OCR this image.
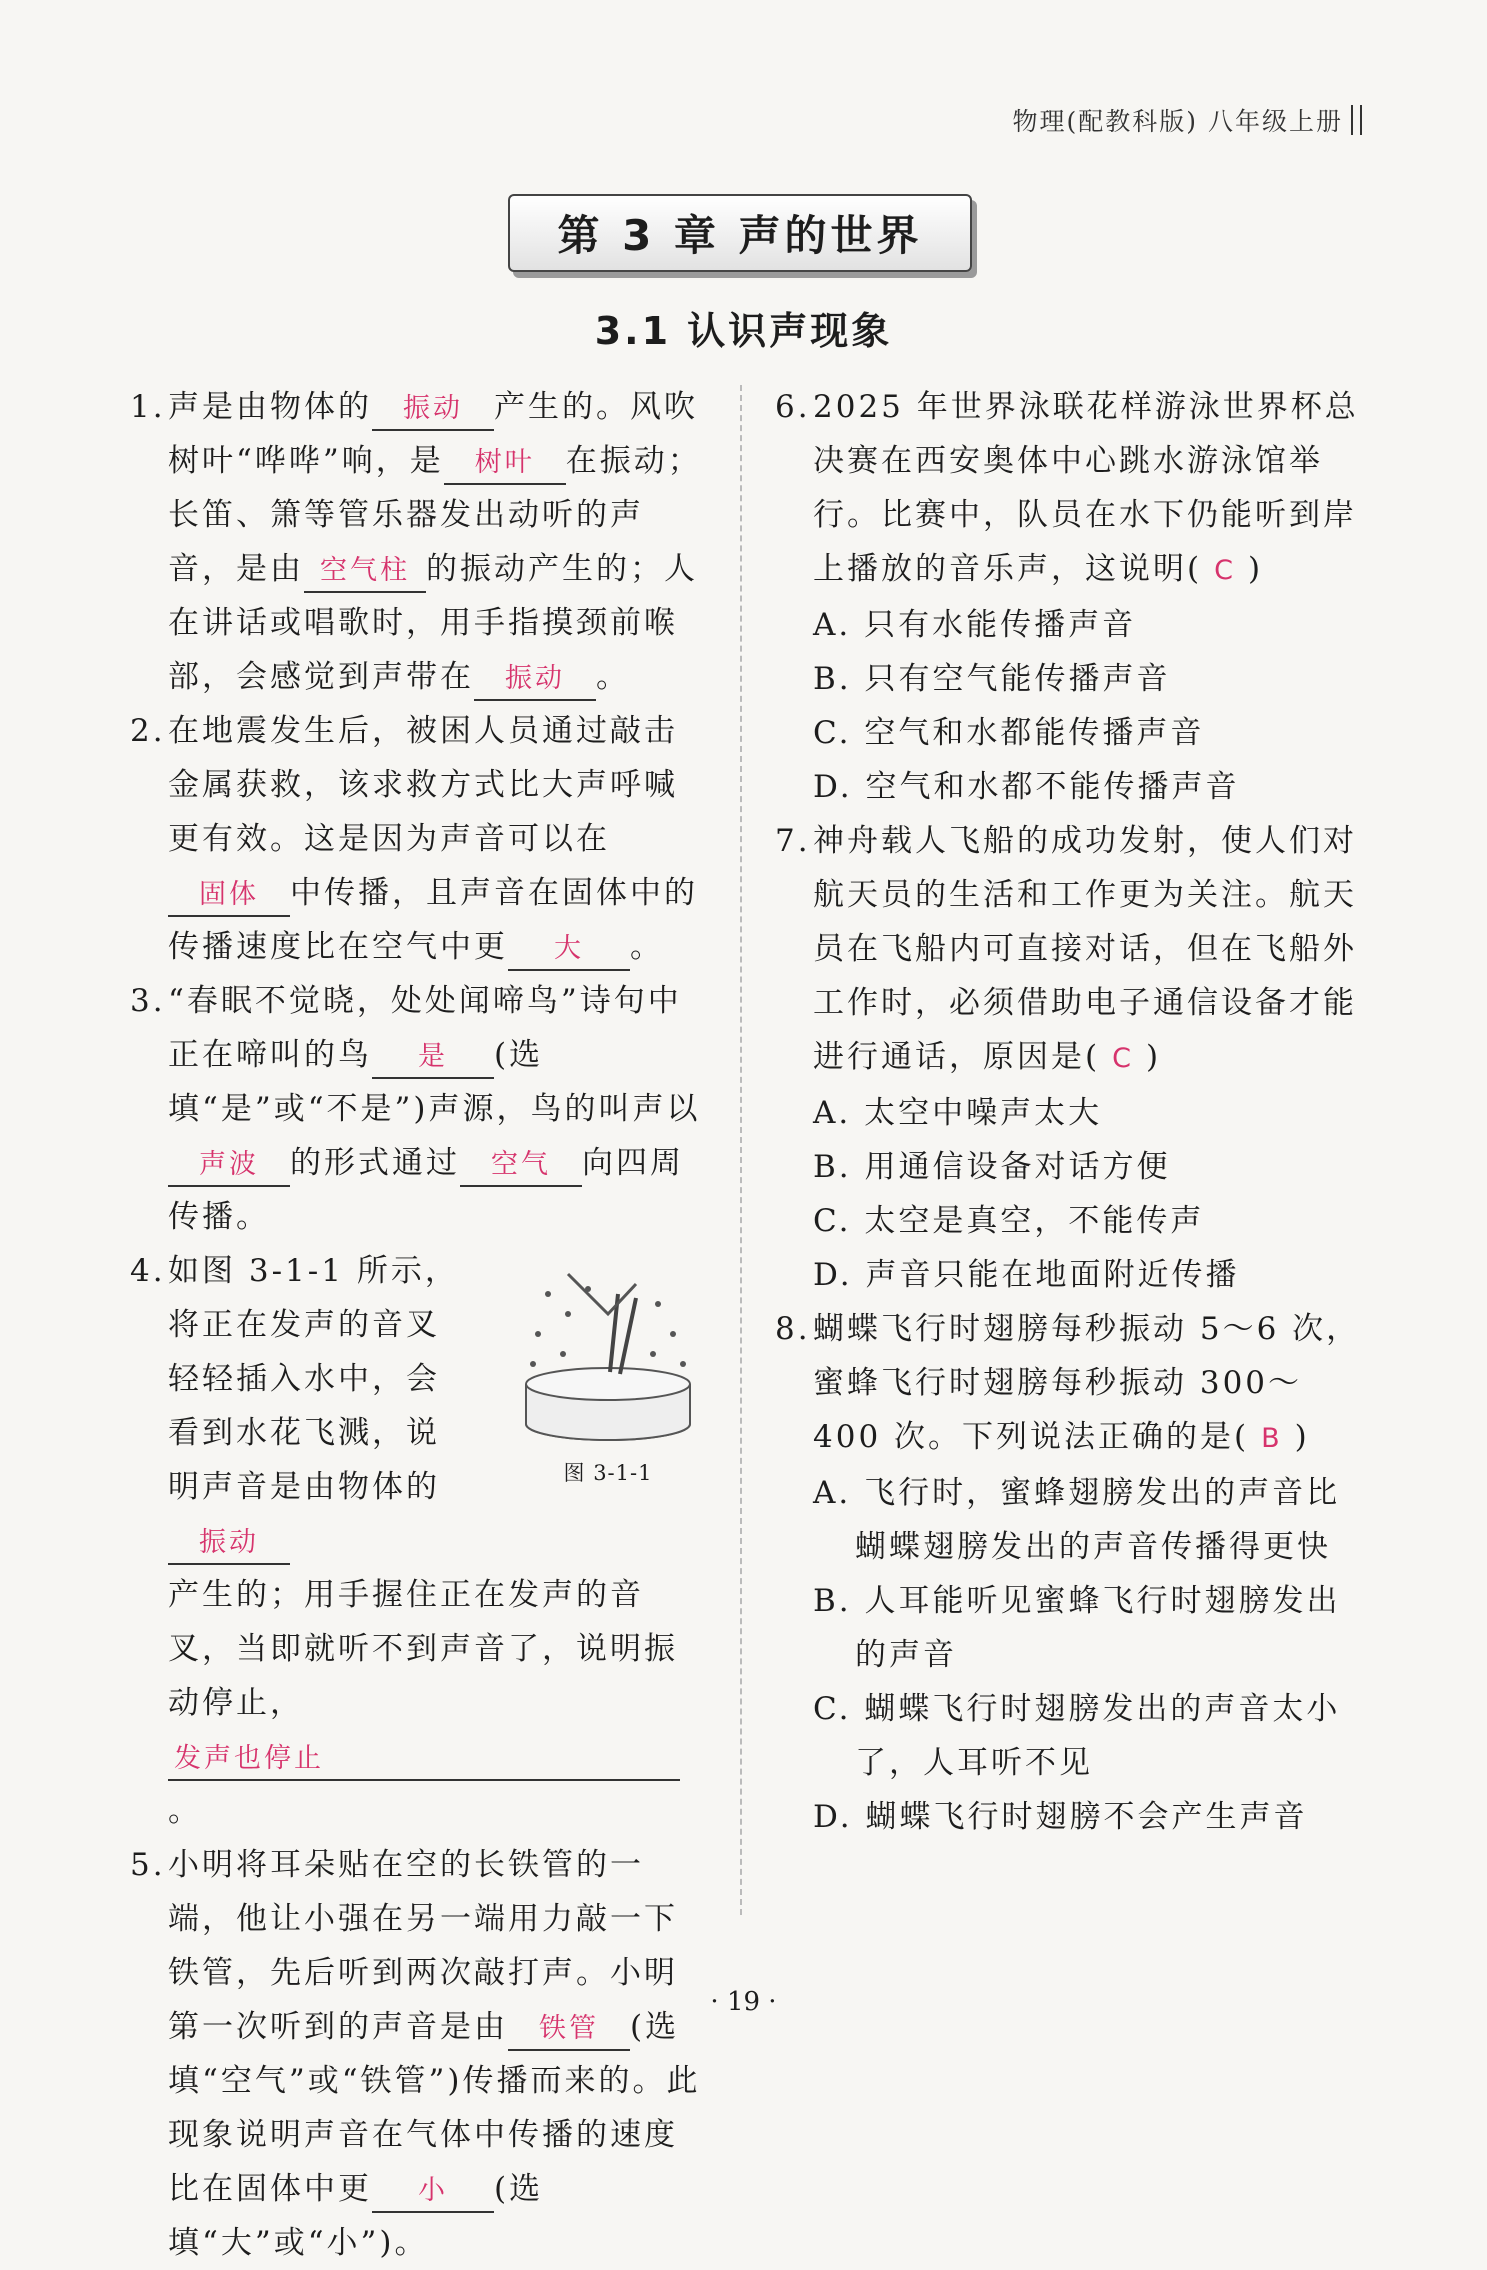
物理(配教科版) 八年级上册
第 3 章 声的世界
3.1 认识声现象
1. 声是由物体的 振动 产生的。风吹树叶“哗哗”响，是 树叶 在振动；长笛、箫等管乐器发出动听的声音，是由 空气柱 的振动产生的；人在讲话或唱歌时，用手指摸颈前喉部，会感觉到声带在 振动 。
2. 在地震发生后，被困人员通过敲击金属获救，该求救方式比大声呼喊更有效。这是因为声音可以在固体 中传播，且声音在固体中的传播速度比在空气中更 大 。
3. “春眠不觉晓，处处闻啼鸟”诗句中正在啼叫的鸟 是 (选填“是”或“不是”)声源，鸟的叫声以声波 的形式通过 空气 向四周传播。
4. 如图 3-1-1 所示，将正在发声的音叉轻轻插入水中，会看到水花飞溅，说明声音是由物体的振动
图 3-1-1
产生的；用手握住正在发声的音叉，当即就听不到声音了，说明振动停止，发声也停止。
5. 小明将耳朵贴在空的长铁管的一端，他让小强在另一端用力敲一下铁管，先后听到两次敲打声。小明第一次听到的声音是由 铁管 (选填“空气”或“铁管”)传播而来的。此现象说明声音在气体中传播的速度比在固体中更 小 (选填“大”或“小”)。
6. 2025 年世界泳联花样游泳世界杯总决赛在西安奥体中心跳水游泳馆举行。比赛中，队员在水下仍能听到岸上播放的音乐声，这说明( C )
A. 只有水能传播声音
B. 只有空气能传播声音
C. 空气和水都能传播声音
D. 空气和水都不能传播声音
7. 神舟载人飞船的成功发射，使人们对航天员的生活和工作更为关注。航天员在飞船内可直接对话，但在飞船外工作时，必须借助电子通信设备才能进行通话，原因是( C )
A. 太空中噪声太大
B. 用通信设备对话方便
C. 太空是真空，不能传声
D. 声音只能在地面附近传播
8. 蝴蝶飞行时翅膀每秒振动 5～6 次，蜜蜂飞行时翅膀每秒振动 300～400 次。下列说法正确的是( B )
A. 飞行时，蜜蜂翅膀发出的声音比蝴蝶翅膀发出的声音传播得更快
B. 人耳能听见蜜蜂飞行时翅膀发出的声音
C. 蝴蝶飞行时翅膀发出的声音太小了，人耳听不见
D. 蝴蝶飞行时翅膀不会产生声音
· 19 ·
